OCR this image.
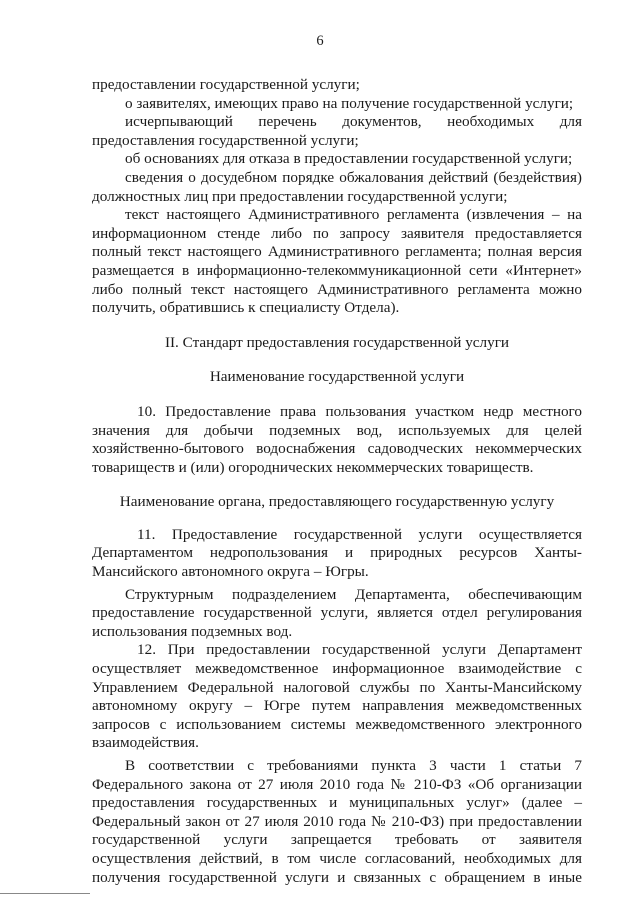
6

предоставлении государственной услуги;

о заявителях, имеющих право на получение государственной услуги;

исчерпывающий перечень документов, необходимых для предоставления государственной услуги;

об основаниях для отказа в предоставлении государственной услуги;

сведения о досудебном порядке обжалования действий (бездействия) должностных лиц при предоставлении государственной услуги;

текст настоящего Административного регламента (извлечения – на информационном стенде либо по запросу заявителя предоставляется полный текст настоящего Административного регламента; полная версия размещается в информационно-телекоммуникационной сети «Интернет» либо полный текст настоящего Административного регламента можно получить, обратившись к специалисту Отдела).

II. Стандарт предоставления государственной услуги

Наименование государственной услуги

10. Предоставление права пользования участком недр местного значения для добычи подземных вод, используемых для целей хозяйственно-бытового водоснабжения садоводческих некоммерческих товариществ и (или) огороднических некоммерческих товариществ.

Наименование органа, предоставляющего государственную услугу

11. Предоставление государственной услуги осуществляется Департаментом недропользования и природных ресурсов Ханты-Мансийского автономного округа – Югры.

Структурным подразделением Департамента, обеспечивающим предоставление государственной услуги, является отдел регулирования использования подземных вод.

12. При предоставлении государственной услуги Департамент осуществляет межведомственное информационное взаимодействие с Управлением Федеральной налоговой службы по Ханты-Мансийскому автономному округу – Югре путем направления межведомственных запросов с использованием системы межведомственного электронного взаимодействия.

В соответствии с требованиями пункта 3 части 1 статьи 7 Федерального закона от 27 июля 2010 года № 210-ФЗ «Об организации предоставления государственных и муниципальных услуг» (далее – Федеральный закон от 27 июля 2010 года № 210-ФЗ) при предоставлении государственной услуги запрещается требовать от заявителя осуществления действий, в том числе согласований, необходимых для получения государственной услуги и связанных с обращением в иные
